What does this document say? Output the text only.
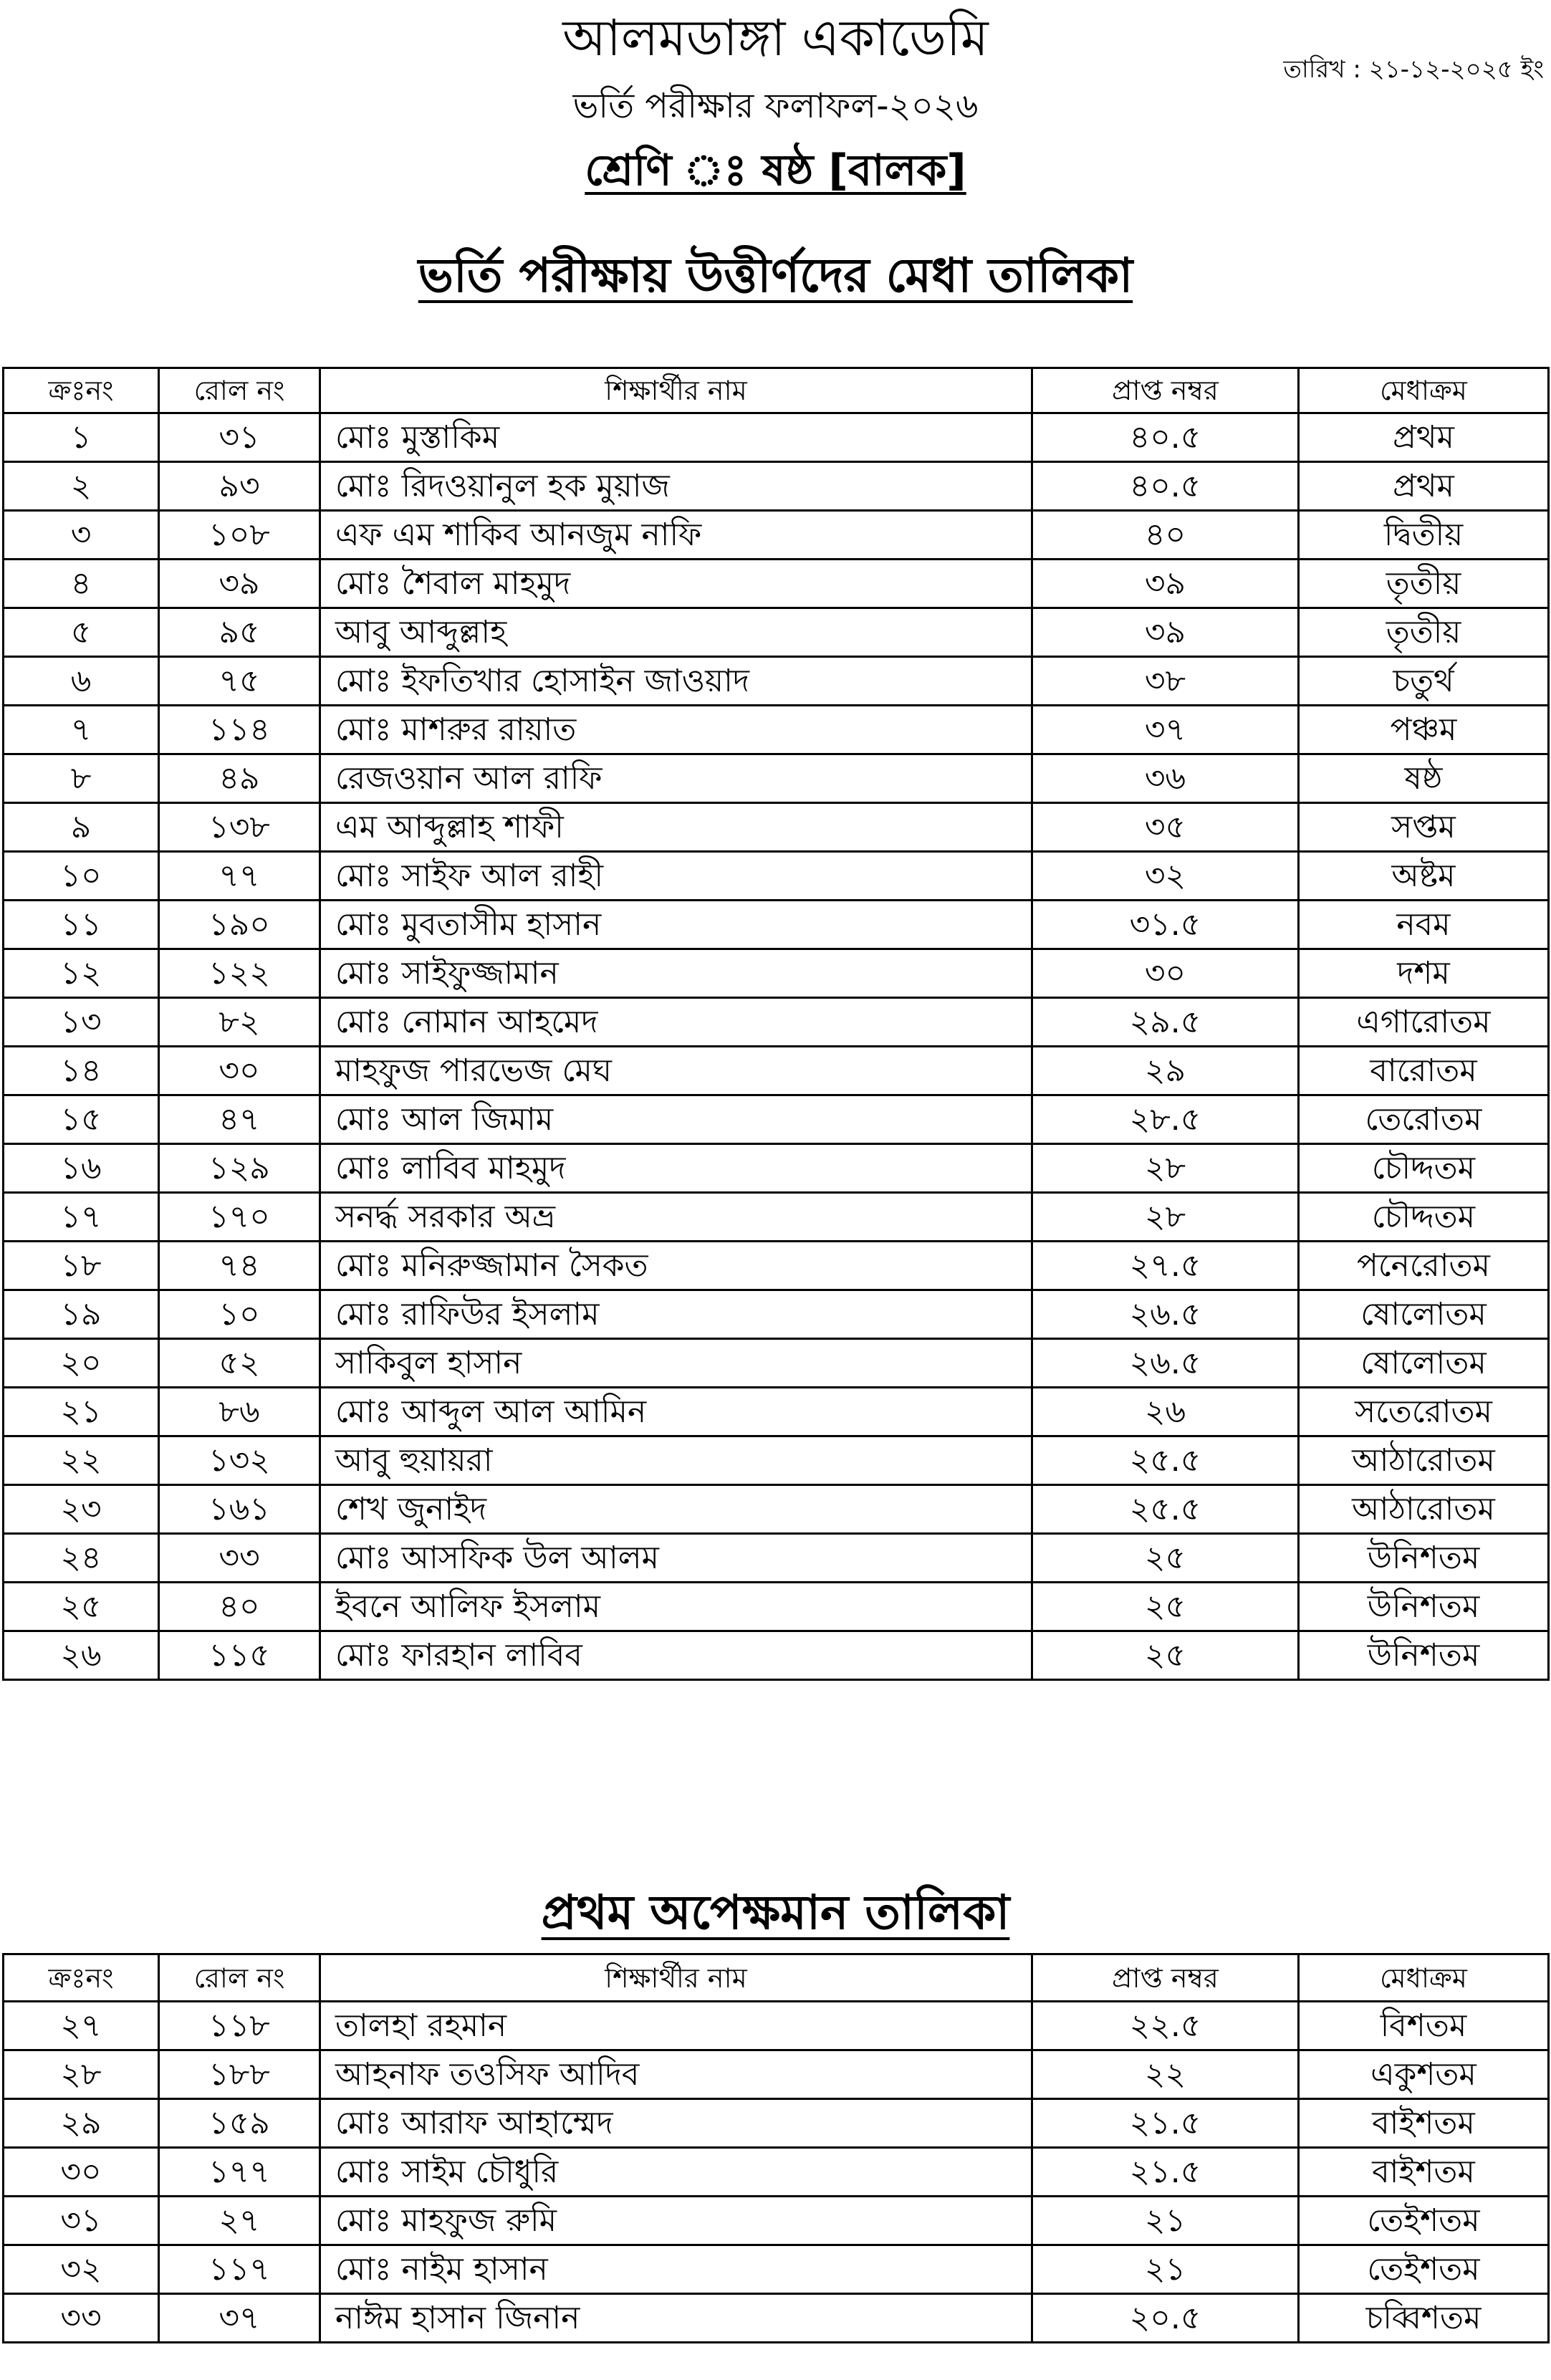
আলমডাঙ্গা একাডেমি
তারিখ : ২১-১২-২০২৫ ইং
ভর্তি পরীক্ষার ফলাফল-২০২৬
শ্রেণি ঃ ষষ্ঠ [বালক]
ভর্তি পরীক্ষায় উত্তীর্ণদের মেধা তালিকা
ক্রঃনং	রোল নং	শিক্ষার্থীর নাম	প্রাপ্ত নম্বর	মেধাক্রম
১	৩১	মোঃ মুস্তাকিম	৪০.৫	প্রথম
২	৯৩	মোঃ রিদওয়ানুল হক মুয়াজ	৪০.৫	প্রথম
৩	১০৮	এফ এম শাকিব আনজুম নাফি	৪০	দ্বিতীয়
৪	৩৯	মোঃ শৈবাল মাহমুদ	৩৯	তৃতীয়
৫	৯৫	আবু আব্দুল্লাহ	৩৯	তৃতীয়
৬	৭৫	মোঃ ইফতিখার হোসাইন জাওয়াদ	৩৮	চতুর্থ
৭	১১৪	মোঃ মাশরুর রায়াত	৩৭	পঞ্চম
৮	৪৯	রেজওয়ান আল রাফি	৩৬	ষষ্ঠ
৯	১৩৮	এম আব্দুল্লাহ শাফী	৩৫	সপ্তম
১০	৭৭	মোঃ সাইফ আল রাহী	৩২	অষ্টম
১১	১৯০	মোঃ মুবতাসীম হাসান	৩১.৫	নবম
১২	১২২	মোঃ সাইফুজ্জামান	৩০	দশম
১৩	৮২	মোঃ নোমান আহমেদ	২৯.৫	এগারোতম
১৪	৩০	মাহফুজ পারভেজ মেঘ	২৯	বারোতম
১৫	৪৭	মোঃ আল জিমাম	২৮.৫	তেরোতম
১৬	১২৯	মোঃ লাবিব মাহমুদ	২৮	চৌদ্দতম
১৭	১৭০	সনর্দ্ধ সরকার অভ্র	২৮	চৌদ্দতম
১৮	৭৪	মোঃ মনিরুজ্জামান সৈকত	২৭.৫	পনেরোতম
১৯	১০	মোঃ রাফিউর ইসলাম	২৬.৫	ষোলোতম
২০	৫২	সাকিবুল হাসান	২৬.৫	ষোলোতম
২১	৮৬	মোঃ আব্দুল আল আমিন	২৬	সতেরোতম
২২	১৩২	আবু হুয়ায়রা	২৫.৫	আঠারোতম
২৩	১৬১	শেখ জুনাইদ	২৫.৫	আঠারোতম
২৪	৩৩	মোঃ আসফিক উল আলম	২৫	উনিশতম
২৫	৪০	ইবনে আলিফ ইসলাম	২৫	উনিশতম
২৬	১১৫	মোঃ ফারহান লাবিব	২৫	উনিশতম
প্রথম অপেক্ষমান তালিকা
ক্রঃনং	রোল নং	শিক্ষার্থীর নাম	প্রাপ্ত নম্বর	মেধাক্রম
২৭	১১৮	তালহা রহমান	২২.৫	বিশতম
২৮	১৮৮	আহনাফ তওসিফ আদিব	২২	একুশতম
২৯	১৫৯	মোঃ আরাফ আহাম্মেদ	২১.৫	বাইশতম
৩০	১৭৭	মোঃ সাইম চৌধুরি	২১.৫	বাইশতম
৩১	২৭	মোঃ মাহফুজ রুমি	২১	তেইশতম
৩২	১১৭	মোঃ নাইম হাসান	২১	তেইশতম
৩৩	৩৭	নাঈম হাসান জিনান	২০.৫	চব্বিশতম
